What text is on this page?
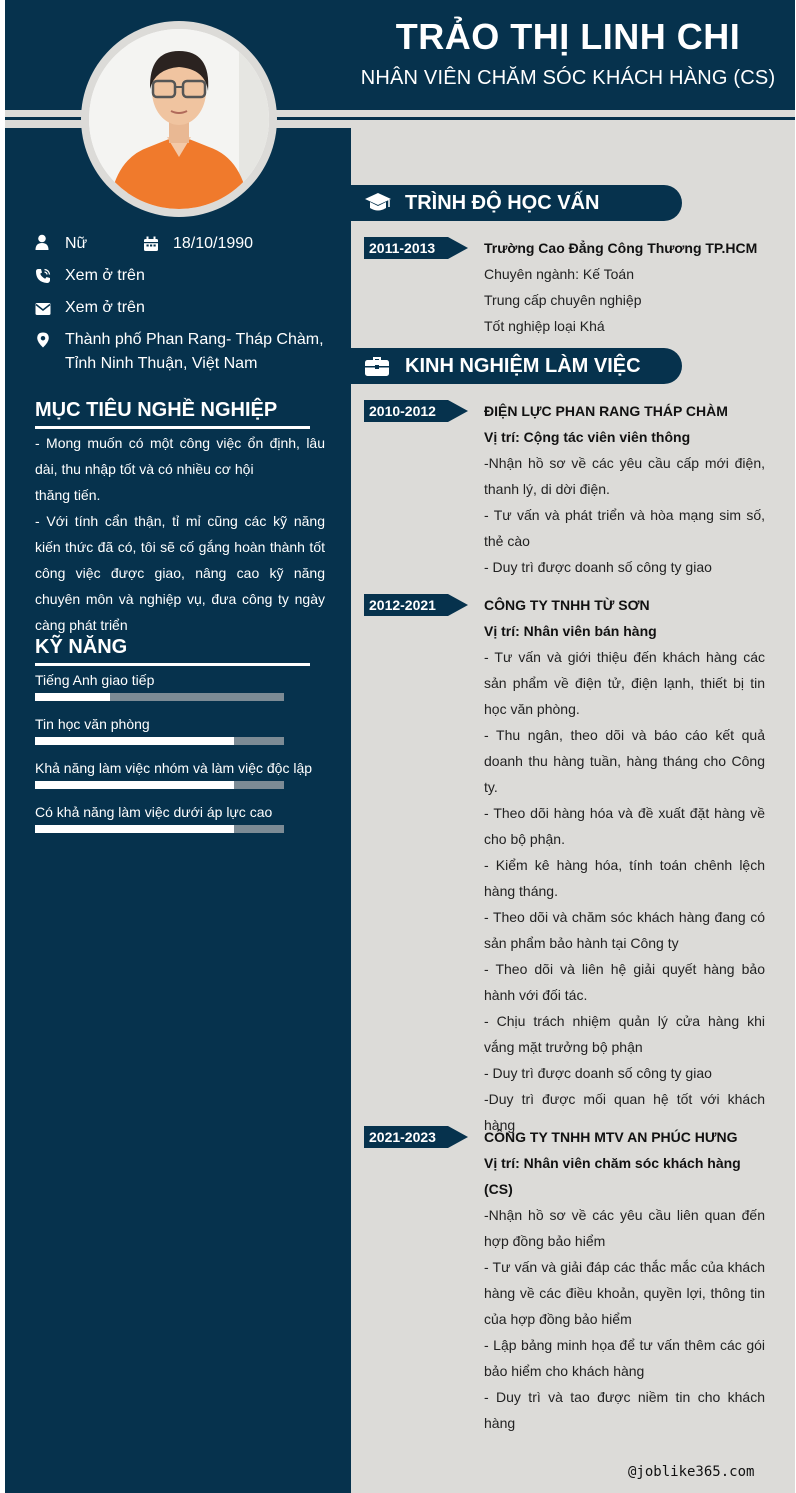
TRẢO THỊ LINH CHI
NHÂN VIÊN CHĂM SÓC KHÁCH HÀNG (CS)
Nữ	18/10/1990
Xem ở trên
Xem ở trên
Thành phố Phan Rang- Tháp Chàm,
Tỉnh Ninh Thuận, Việt Nam
MỤC TIÊU NGHỀ NGHIỆP

- Mong muốn có một công việc ổn định, lâu dài, thu nhập tốt và có nhiều cơ hội

thăng tiến.

- Với tính cẩn thận, tỉ mỉ cũng các kỹ năng kiến thức đã có, tôi sẽ cố gắng hoàn thành tốt công việc được giao, nâng cao kỹ năng chuyên môn và nghiệp vụ, đưa công ty ngày càng phát triển

KỸ NĂNG
Tiếng Anh giao tiếp
Tin học văn phòng
Khả năng làm việc nhóm và làm việc độc lập
Có khả năng làm việc dưới áp lực cao
TRÌNH ĐỘ HỌC VẤN
2011-2013	Trường Cao Đẳng Công Thương TP.HCM
Chuyên ngành: Kế Toán
Trung cấp chuyên nghiệp
Tốt nghiệp loại Khá
KINH NGHIỆM LÀM VIỆC
2010-2012	ĐIỆN LỰC PHAN RANG THÁP CHÀM
Vị trí: Cộng tác viên viên thông
-Nhận hồ sơ về các yêu cầu cấp mới điện, thanh lý, di dời điện.
- Tư vấn và phát triển và hòa mạng sim số, thẻ cào
- Duy trì được doanh số công ty giao
2012-2021	CÔNG TY TNHH TỪ SƠN
Vị trí: Nhân viên bán hàng
- Tư vấn và giới thiệu đến khách hàng các sản phẩm về điện tử, điện lạnh, thiết bị tin học văn phòng.
- Thu ngân, theo dõi và báo cáo kết quả doanh thu hàng tuần, hàng tháng cho Công ty.
- Theo dõi hàng hóa và đề xuất đặt hàng về cho bộ phận.
- Kiểm kê hàng hóa, tính toán chênh lệch hàng tháng.
- Theo dõi và chăm sóc khách hàng đang có sản phẩm bảo hành tại Công ty
- Theo dõi và liên hệ giải quyết hàng bảo hành với đối tác.
- Chịu trách nhiệm quản lý cửa hàng khi vắng mặt trưởng bộ phận
- Duy trì được doanh số công ty giao
-Duy trì được mối quan hệ tốt với khách hàng
2021-2023	CÔNG TY TNHH MTV AN PHÚC HƯNG
Vị trí: Nhân viên chăm sóc khách hàng (CS)
-Nhận hồ sơ về các yêu cầu liên quan đến hợp đồng bảo hiểm
- Tư vấn và giải đáp các thắc mắc của khách hàng về các điều khoản, quyền lợi, thông tin của hợp đồng bảo hiểm
- Lập bảng minh họa để tư vấn thêm các gói bảo hiểm cho khách hàng
- Duy trì và tao được niềm tin cho khách hàng
@joblike365.com
